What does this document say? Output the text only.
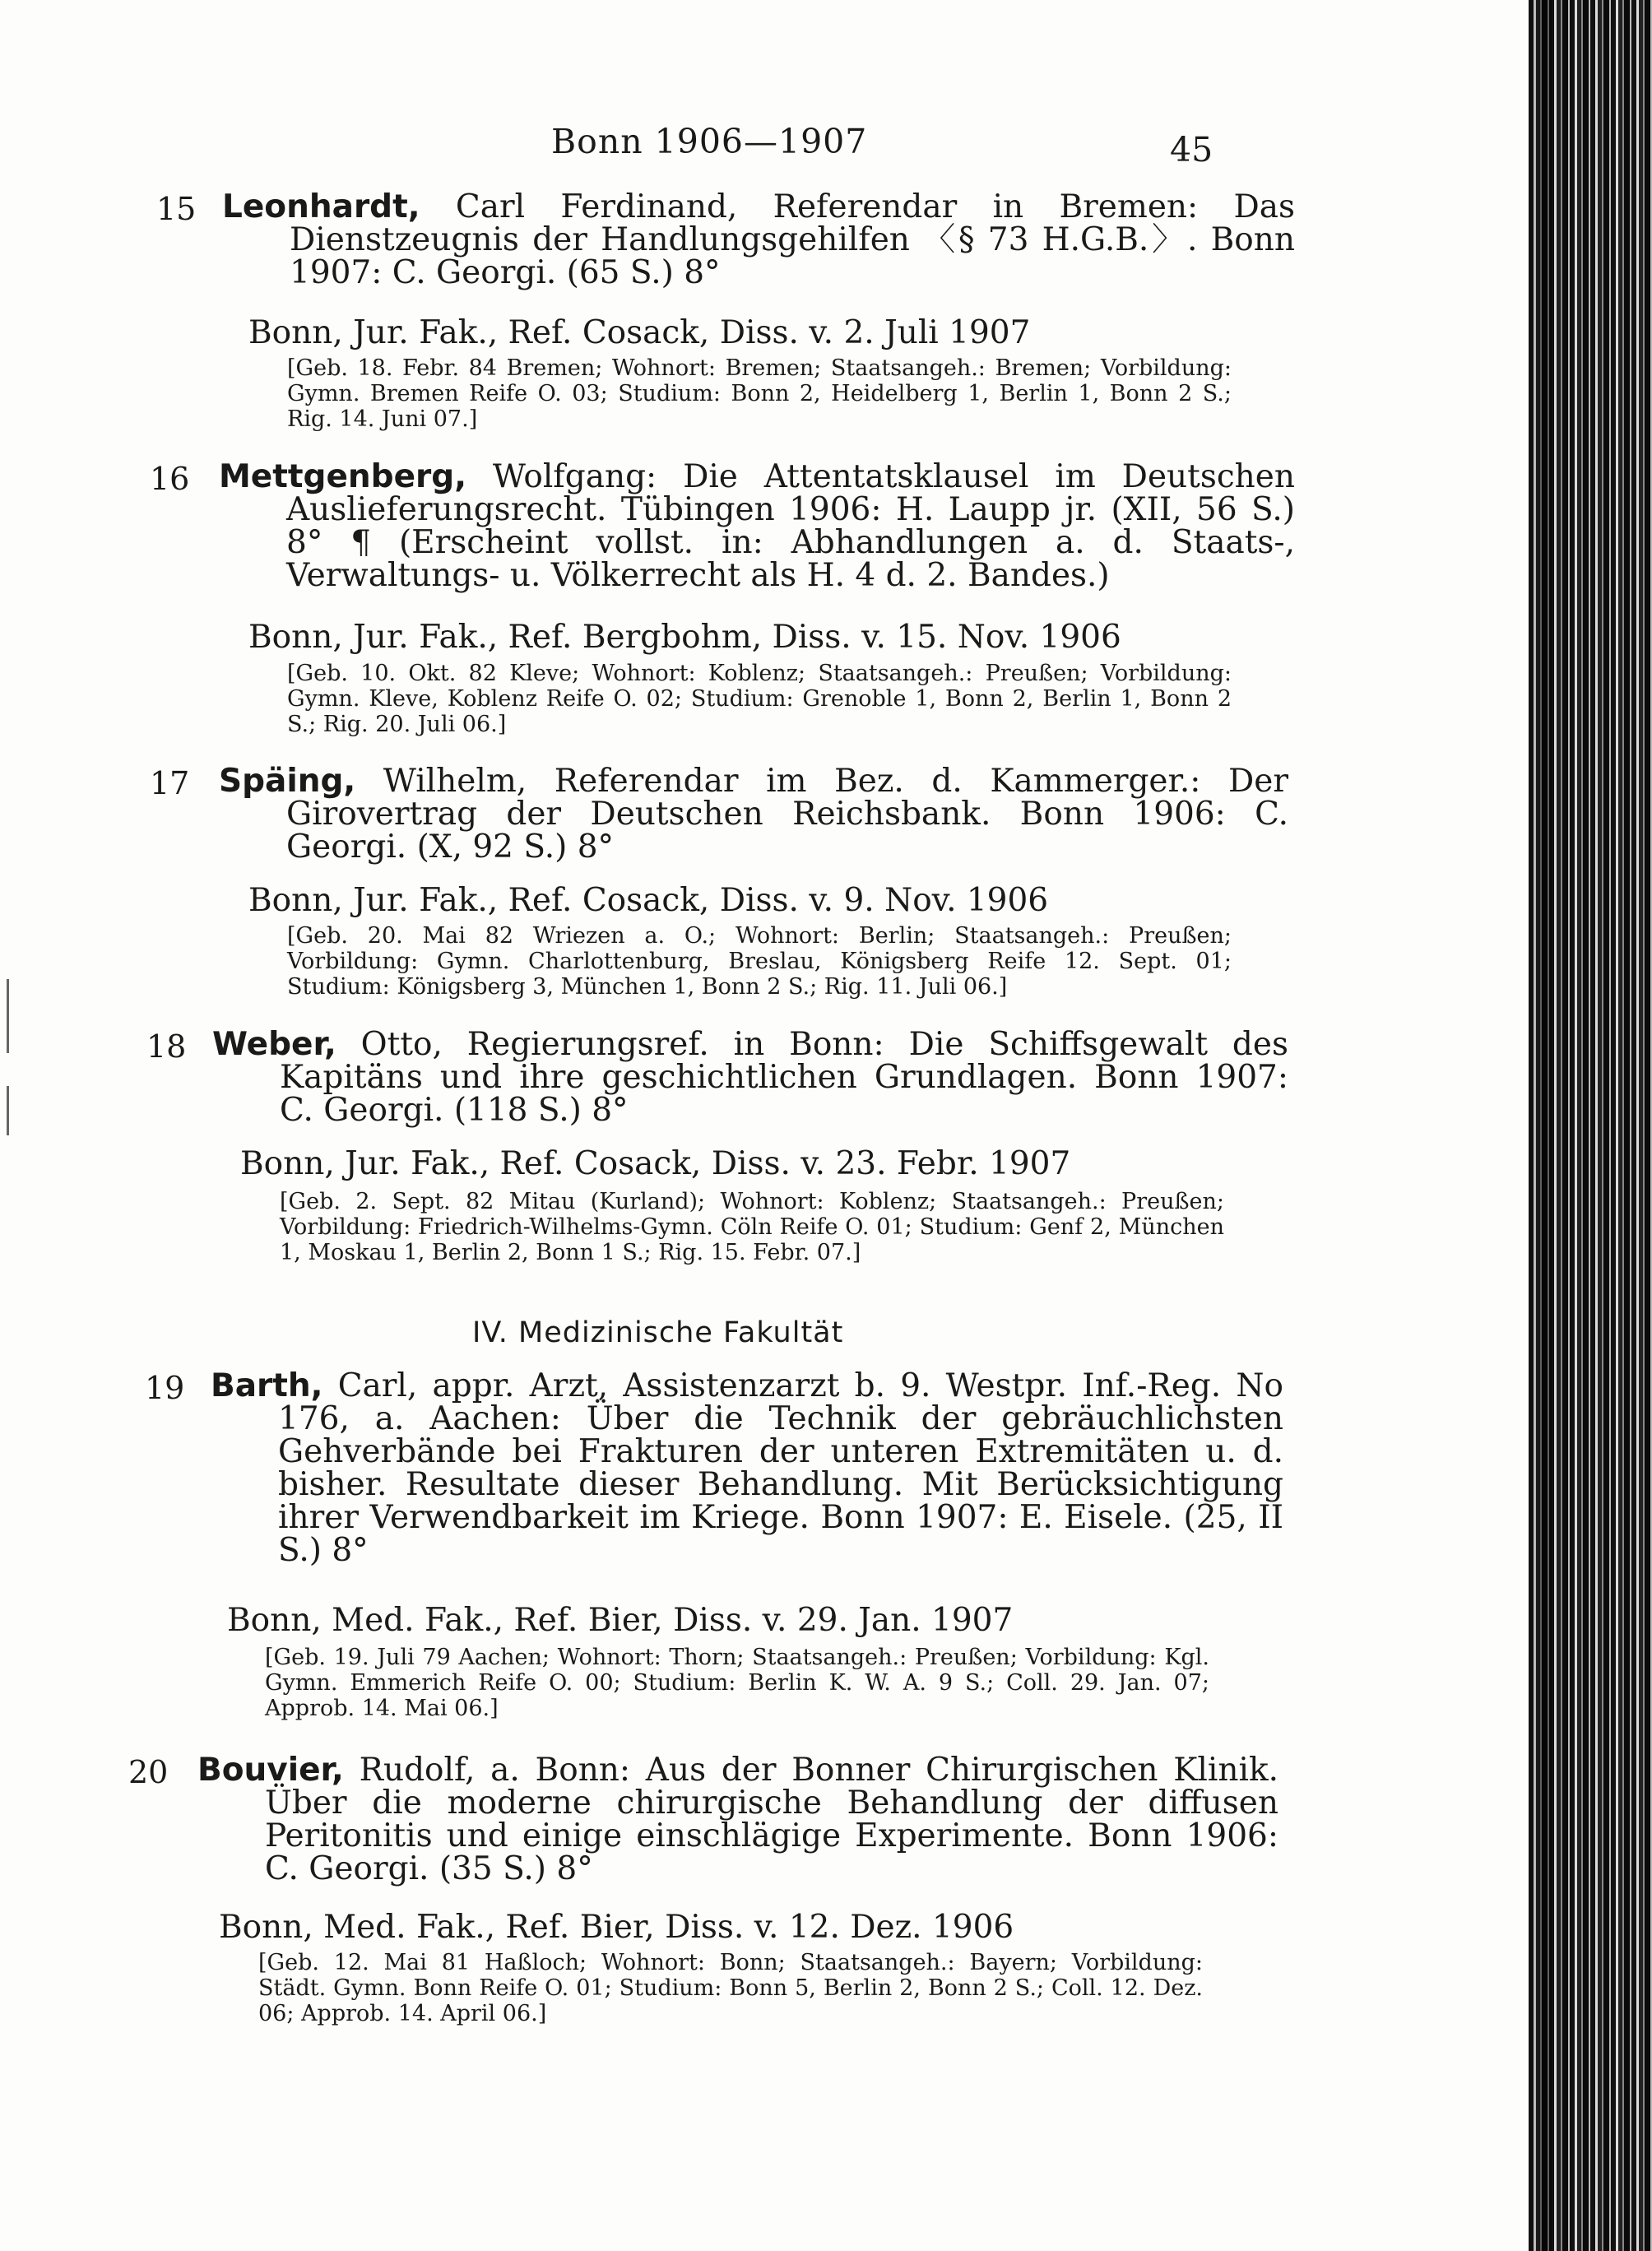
Bonn 1906—1907	45
15 Leonhardt, Carl Ferdinand, Referendar in Bremen: Das Dienstzeugnis der Handlungsgehilfen 〈§ 73 H.G.B.〉. Bonn 1907: C. Georgi. (65 S.) 8°
Bonn, Jur. Fak., Ref. Cosack, Diss. v. 2. Juli 1907
[Geb. 18. Febr. 84 Bremen; Wohnort: Bremen; Staatsangeh.: Bremen; Vorbildung: Gymn. Bremen Reife O. 03; Studium: Bonn 2, Heidelberg 1, Berlin 1, Bonn 2 S.; Rig. 14. Juni 07.]
16 Mettgenberg, Wolfgang: Die Attentatsklausel im Deutschen Auslieferungsrecht. Tübingen 1906: H. Laupp jr. (XII, 56 S.) 8° ¶ (Erscheint vollst. in: Abhandlungen a. d. Staats-, Verwaltungs- u. Völkerrecht als H. 4 d. 2. Bandes.)
Bonn, Jur. Fak., Ref. Bergbohm, Diss. v. 15. Nov. 1906
[Geb. 10. Okt. 82 Kleve; Wohnort: Koblenz; Staatsangeh.: Preußen; Vorbildung: Gymn. Kleve, Koblenz Reife O. 02; Studium: Grenoble 1, Bonn 2, Berlin 1, Bonn 2 S.; Rig. 20. Juli 06.]
17 Späing, Wilhelm, Referendar im Bez. d. Kammerger.: Der Girovertrag der Deutschen Reichsbank. Bonn 1906: C. Georgi. (X, 92 S.) 8°
Bonn, Jur. Fak., Ref. Cosack, Diss. v. 9. Nov. 1906
[Geb. 20. Mai 82 Wriezen a. O.; Wohnort: Berlin; Staatsangeh.: Preußen; Vorbildung: Gymn. Charlottenburg, Breslau, Königsberg Reife 12. Sept. 01; Studium: Königsberg 3, München 1, Bonn 2 S.; Rig. 11. Juli 06.]
18 Weber, Otto, Regierungsref. in Bonn: Die Schiffsgewalt des Kapitäns und ihre geschichtlichen Grundlagen. Bonn 1907: C. Georgi. (118 S.) 8°
Bonn, Jur. Fak., Ref. Cosack, Diss. v. 23. Febr. 1907
[Geb. 2. Sept. 82 Mitau (Kurland); Wohnort: Koblenz; Staatsangeh.: Preußen; Vorbildung: Friedrich-Wilhelms-Gymn. Cöln Reife O. 01; Studium: Genf 2, München 1, Moskau 1, Berlin 2, Bonn 1 S.; Rig. 15. Febr. 07.]
IV. Medizinische Fakultät
19 Barth, Carl, appr. Arzt, Assistenzarzt b. 9. Westpr. Inf.-Reg. No 176, a. Aachen: Über die Technik der gebräuchlichsten Gehverbände bei Frakturen der unteren Extremitäten u. d. bisher. Resultate dieser Behandlung. Mit Berücksichtigung ihrer Verwendbarkeit im Kriege. Bonn 1907: E. Eisele. (25, II S.) 8°
Bonn, Med. Fak., Ref. Bier, Diss. v. 29. Jan. 1907
[Geb. 19. Juli 79 Aachen; Wohnort: Thorn; Staatsangeh.: Preußen; Vorbildung: Kgl. Gymn. Emmerich Reife O. 00; Studium: Berlin K. W. A. 9 S.; Coll. 29. Jan. 07; Approb. 14. Mai 06.]
20 Bouvier, Rudolf, a. Bonn: Aus der Bonner Chirurgischen Klinik. Über die moderne chirurgische Behandlung der diffusen Peritonitis und einige einschlägige Experimente. Bonn 1906: C. Georgi. (35 S.) 8°
Bonn, Med. Fak., Ref. Bier, Diss. v. 12. Dez. 1906
[Geb. 12. Mai 81 Haßloch; Wohnort: Bonn; Staatsangeh.: Bayern; Vorbildung: Städt. Gymn. Bonn Reife O. 01; Studium: Bonn 5, Berlin 2, Bonn 2 S.; Coll. 12. Dez. 06; Approb. 14. April 06.]
